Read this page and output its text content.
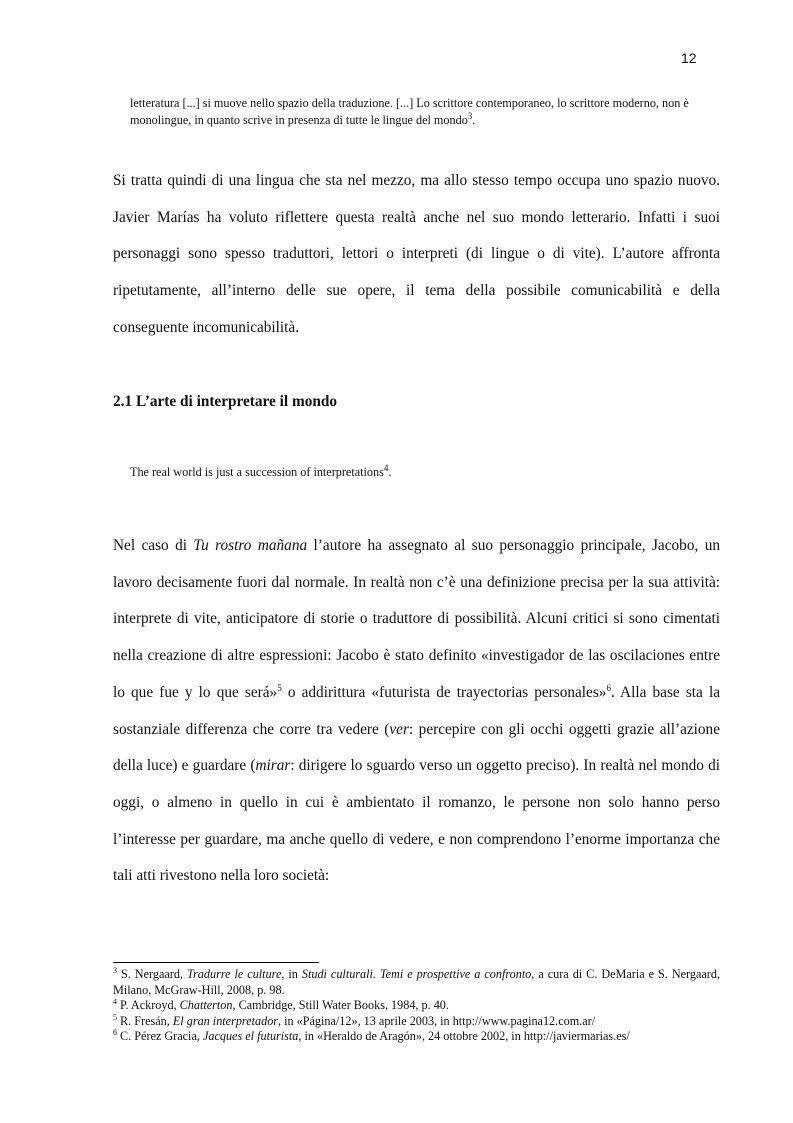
12
letteratura [...] si muove nello spazio della traduzione. [...] Lo scrittore contemporaneo, lo scrittore moderno, non è monolingue, in quanto scrive in presenza di tutte le lingue del mondo$^3$.

Si tratta quindi di una lingua che sta nel mezzo, ma allo stesso tempo occupa uno spazio nuovo. Javier Marías ha voluto riflettere questa realtà anche nel suo mondo letterario. Infatti i suoi personaggi sono spesso traduttori, lettori o interpreti (di lingue o di vite). L’autore affronta ripetutamente, all’interno delle sue opere, il tema della possibile comunicabilità e della conseguente incomunicabilità.

2.1 L’arte di interpretare il mondo
The real world is just a succession of interpretations$^4$.

Nel caso di Tu rostro mañana l’autore ha assegnato al suo personaggio principale, Jacobo, un lavoro decisamente fuori dal normale. In realtà non c’è una definizione precisa per la sua attività: interprete di vite, anticipatore di storie o traduttore di possibilità. Alcuni critici si sono cimentati nella creazione di altre espressioni: Jacobo è stato definito «investigador de las oscilaciones entre lo que fue y lo que será»$^5$ o addirittura «futurista de trayectorias personales»$^6$. Alla base sta la sostanziale differenza che corre tra vedere (ver: percepire con gli occhi oggetti grazie all’azione della luce) e guardare (mirar: dirigere lo sguardo verso un oggetto preciso). In realtà nel mondo di oggi, o almeno in quello in cui è ambientato il romanzo, le persone non solo hanno perso l’interesse per guardare, ma anche quello di vedere, e non comprendono l’enorme importanza che tali atti rivestono nella loro società:

$^3$ S. Nergaard, Tradurre le culture, in Studi culturali. Temi e prospettive a confronto, a cura di C. DeMaria e S. Nergaard, Milano, McGraw-Hill, 2008, p. 98.

$^4$ P. Ackroyd, Chatterton, Cambridge, Still Water Books, 1984, p. 40.

$^5$ R. Fresán, El gran interpretador, in «Página/12», 13 aprile 2003, in http://www.pagina12.com.ar/

$^6$ C. Pérez Gracia, Jacques el futurista, in «Heraldo de Aragón», 24 ottobre 2002, in http://javiermarias.es/
